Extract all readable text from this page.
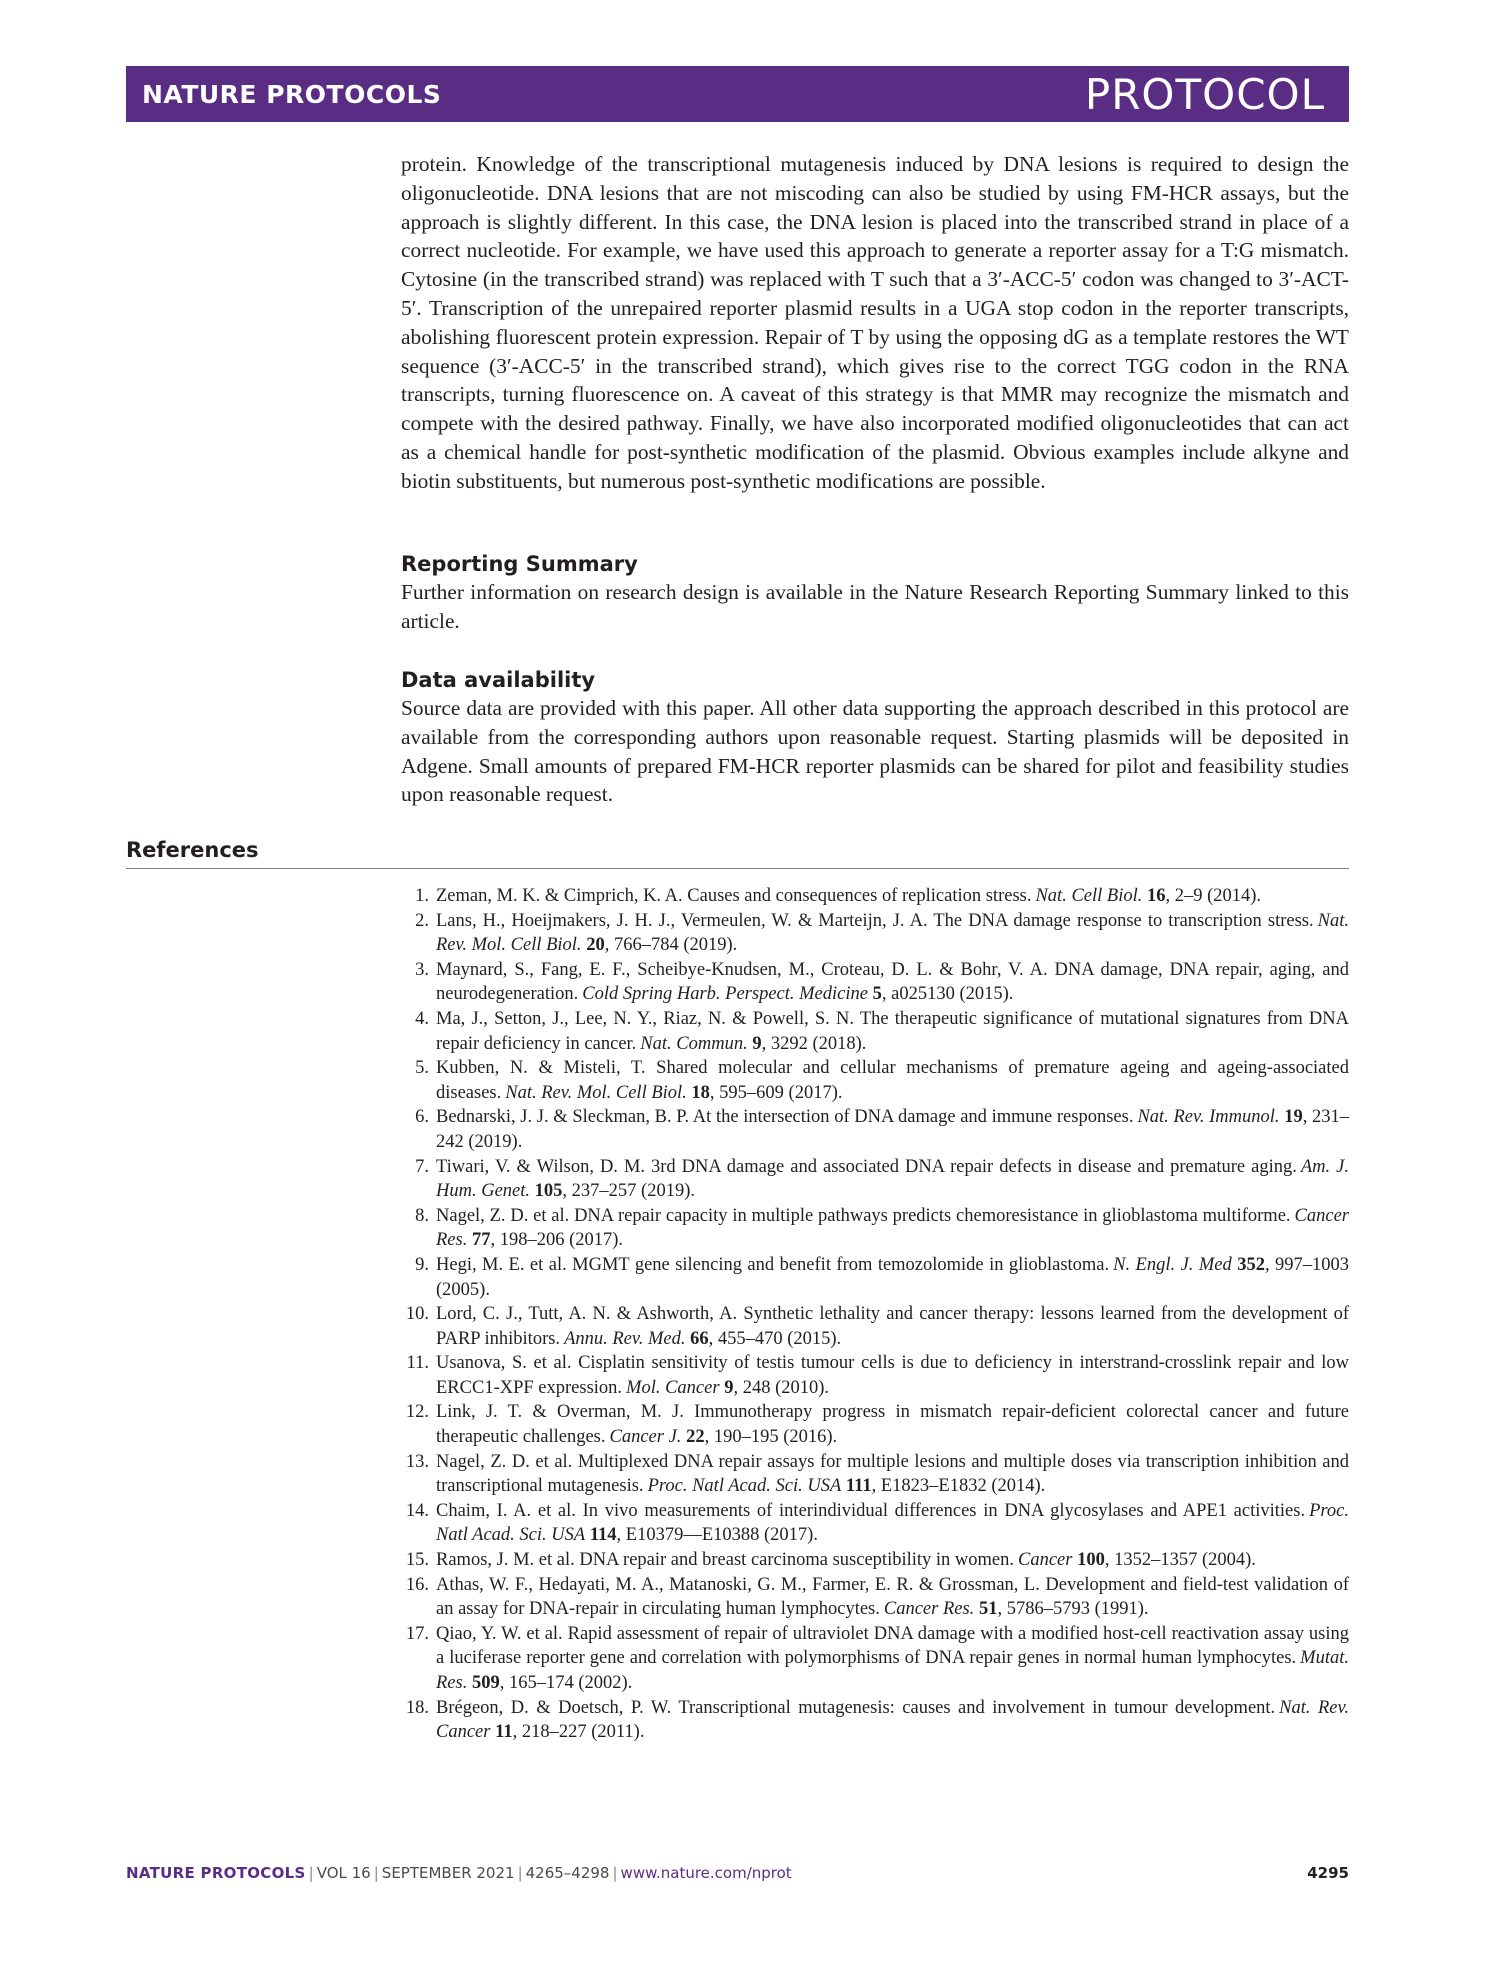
NATURE PROTOCOLS	PROTOCOL

protein. Knowledge of the transcriptional mutagenesis induced by DNA lesions is required to design the oligonucleotide. DNA lesions that are not miscoding can also be studied by using FM-HCR assays, but the approach is slightly different. In this case, the DNA lesion is placed into the transcribed strand in place of a correct nucleotide. For example, we have used this approach to generate a reporter assay for a T:G mismatch. Cytosine (in the transcribed strand) was replaced with T such that a 3′-ACC-5′ codon was changed to 3′-ACT-5′. Transcription of the unrepaired reporter plasmid results in a UGA stop codon in the reporter transcripts, abolishing fluorescent protein expression. Repair of T by using the opposing dG as a template restores the WT sequence (3′-ACC-5′ in the transcribed strand), which gives rise to the correct TGG codon in the RNA transcripts, turning fluorescence on. A caveat of this strategy is that MMR may recognize the mismatch and compete with the desired pathway. Finally, we have also incorporated modified oligonucleotides that can act as a chemical handle for post-synthetic modification of the plasmid. Obvious examples include alkyne and biotin substituents, but numerous post-synthetic modifications are possible.

Reporting Summary

Further information on research design is available in the Nature Research Reporting Summary linked to this article.

Data availability

Source data are provided with this paper. All other data supporting the approach described in this protocol are available from the corresponding authors upon reasonable request. Starting plasmids will be deposited in Adgene. Small amounts of prepared FM-HCR reporter plasmids can be shared for pilot and feasibility studies upon reasonable request.

References
1. Zeman, M. K. & Cimprich, K. A. Causes and consequences of replication stress. Nat. Cell Biol. 16, 2–9 (2014).
2. Lans, H., Hoeijmakers, J. H. J., Vermeulen, W. & Marteijn, J. A. The DNA damage response to transcription stress. Nat. Rev. Mol. Cell Biol. 20, 766–784 (2019).
3. Maynard, S., Fang, E. F., Scheibye-Knudsen, M., Croteau, D. L. & Bohr, V. A. DNA damage, DNA repair, aging, and neurodegeneration. Cold Spring Harb. Perspect. Medicine 5, a025130 (2015).
4. Ma, J., Setton, J., Lee, N. Y., Riaz, N. & Powell, S. N. The therapeutic significance of mutational signatures from DNA repair deficiency in cancer. Nat. Commun. 9, 3292 (2018).
5. Kubben, N. & Misteli, T. Shared molecular and cellular mechanisms of premature ageing and ageing-associated diseases. Nat. Rev. Mol. Cell Biol. 18, 595–609 (2017).
6. Bednarski, J. J. & Sleckman, B. P. At the intersection of DNA damage and immune responses. Nat. Rev. Immunol. 19, 231–242 (2019).
7. Tiwari, V. & Wilson, D. M. 3rd DNA damage and associated DNA repair defects in disease and premature aging. Am. J. Hum. Genet. 105, 237–257 (2019).
8. Nagel, Z. D. et al. DNA repair capacity in multiple pathways predicts chemoresistance in glioblastoma multiforme. Cancer Res. 77, 198–206 (2017).
9. Hegi, M. E. et al. MGMT gene silencing and benefit from temozolomide in glioblastoma. N. Engl. J. Med 352, 997–1003 (2005).
10. Lord, C. J., Tutt, A. N. & Ashworth, A. Synthetic lethality and cancer therapy: lessons learned from the development of PARP inhibitors. Annu. Rev. Med. 66, 455–470 (2015).
11. Usanova, S. et al. Cisplatin sensitivity of testis tumour cells is due to deficiency in interstrand-crosslink repair and low ERCC1-XPF expression. Mol. Cancer 9, 248 (2010).
12. Link, J. T. & Overman, M. J. Immunotherapy progress in mismatch repair-deficient colorectal cancer and future therapeutic challenges. Cancer J. 22, 190–195 (2016).
13. Nagel, Z. D. et al. Multiplexed DNA repair assays for multiple lesions and multiple doses via transcription inhibition and transcriptional mutagenesis. Proc. Natl Acad. Sci. USA 111, E1823–E1832 (2014).
14. Chaim, I. A. et al. In vivo measurements of interindividual differences in DNA glycosylases and APE1 activities. Proc. Natl Acad. Sci. USA 114, E10379––E10388 (2017).
15. Ramos, J. M. et al. DNA repair and breast carcinoma susceptibility in women. Cancer 100, 1352–1357 (2004).
16. Athas, W. F., Hedayati, M. A., Matanoski, G. M., Farmer, E. R. & Grossman, L. Development and field-test validation of an assay for DNA-repair in circulating human lymphocytes. Cancer Res. 51, 5786–5793 (1991).
17. Qiao, Y. W. et al. Rapid assessment of repair of ultraviolet DNA damage with a modified host-cell reactivation assay using a luciferase reporter gene and correlation with polymorphisms of DNA repair genes in normal human lymphocytes. Mutat. Res. 509, 165–174 (2002).
18. Brégeon, D. & Doetsch, P. W. Transcriptional mutagenesis: causes and involvement in tumour development. Nat. Rev. Cancer 11, 218–227 (2011).
NATURE PROTOCOLS | VOL 16 | SEPTEMBER 2021 | 4265–4298 | www.nature.com/nprot	4295
